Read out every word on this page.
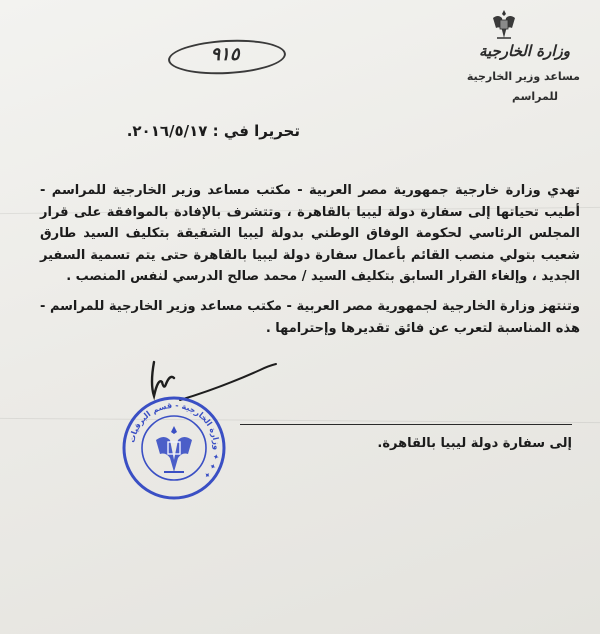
وزارة الخارجية
مساعد وزير الخارجية
للمراسم
٩١٥
تحريرا في : ٢٠١٦/٥/١٧.
تهدي وزارة خارجية جمهورية مصر العربية - مكتب مساعد وزير الخارجية للمراسم - أطيب تحياتها إلى سفارة دولة ليبيا بالقاهرة ، وتتشرف بالإفادة بالموافقة على قرار المجلس الرئاسي لحكومة الوفاق الوطني بدولة ليبيا الشقيقة بتكليف السيد طارق شعيب بتولي منصب القائم بأعمال سفارة دولة ليبيا بالقاهرة حتى يتم تسمية السفير الجديد ، وإلغاء القرار السابق بتكليف السيد / محمد صالح الدرسي لنفس المنصب .
وتنتهز وزارة الخارجية لجمهورية مصر العربية - مكتب مساعد وزير الخارجية للمراسم - هذه المناسبة لتعرب عن فائق تقديرها وإحترامها .
وزارة الخارجية - قسم البرقيات ✦ ✦ ✦
إلى سفارة دولة ليبيا بالقاهرة.
